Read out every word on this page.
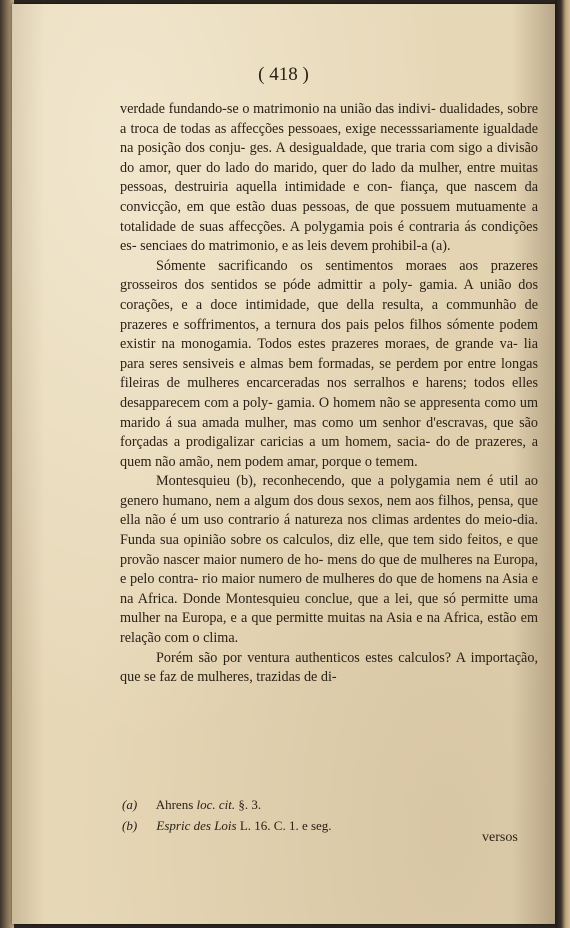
( 418 )

verdade fundando-se o matrimonio na união das indivi- dualidades, sobre a troca de todas as affecções pessoaes, exige necesssariamente igualdade na posição dos conju- ges. A desigualdade, que traria com sigo a divisão do amor, quer do lado do marido, quer do lado da mulher, entre muitas pessoas, destruiria aquella intimidade e con- fiança, que nascem da convicção, em que estão duas pessoas, de que possuem mutuamente a totalidade de suas affecções. A polygamia pois é contraria ás condições es- senciaes do matrimonio, e as leis devem prohibil-a (a).

Sómente sacrificando os sentimentos moraes aos prazeres grosseiros dos sentidos se póde admittir a poly- gamia. A união dos corações, e a doce intimidade, que della resulta, a communhão de prazeres e soffrimentos, a ternura dos pais pelos filhos sómente podem existir na monogamia. Todos estes prazeres moraes, de grande va- lia para seres sensiveis e almas bem formadas, se perdem por entre longas fileiras de mulheres encarceradas nos serralhos e harens; todos elles desapparecem com a poly- gamia. O homem não se appresenta como um marido á sua amada mulher, mas como um senhor d'escravas, que são forçadas a prodigalizar caricias a um homem, sacia- do de prazeres, a quem não amão, nem podem amar, porque o temem.

Montesquieu (b), reconhecendo, que a polygamia nem é util ao genero humano, nem a algum dos dous sexos, nem aos filhos, pensa, que ella não é um uso contrario á natureza nos climas ardentes do meio-dia. Funda sua opinião sobre os calculos, diz elle, que tem sido feitos, e que provão nascer maior numero de ho- mens do que de mulheres na Europa, e pelo contra- rio maior numero de mulheres do que de homens na Asia e na Africa. Donde Montesquieu conclue, que a lei, que só permitte uma mulher na Europa, e a que permitte muitas na Asia e na Africa, estão em relação com o clima.

Porém são por ventura authenticos estes calculos? A importação, que se faz de mulheres, trazidas de di-

(a) Ahrens loc. cit. §. 3.
(b) Espric des Lois L. 16. C. 1. e seg.
versos
